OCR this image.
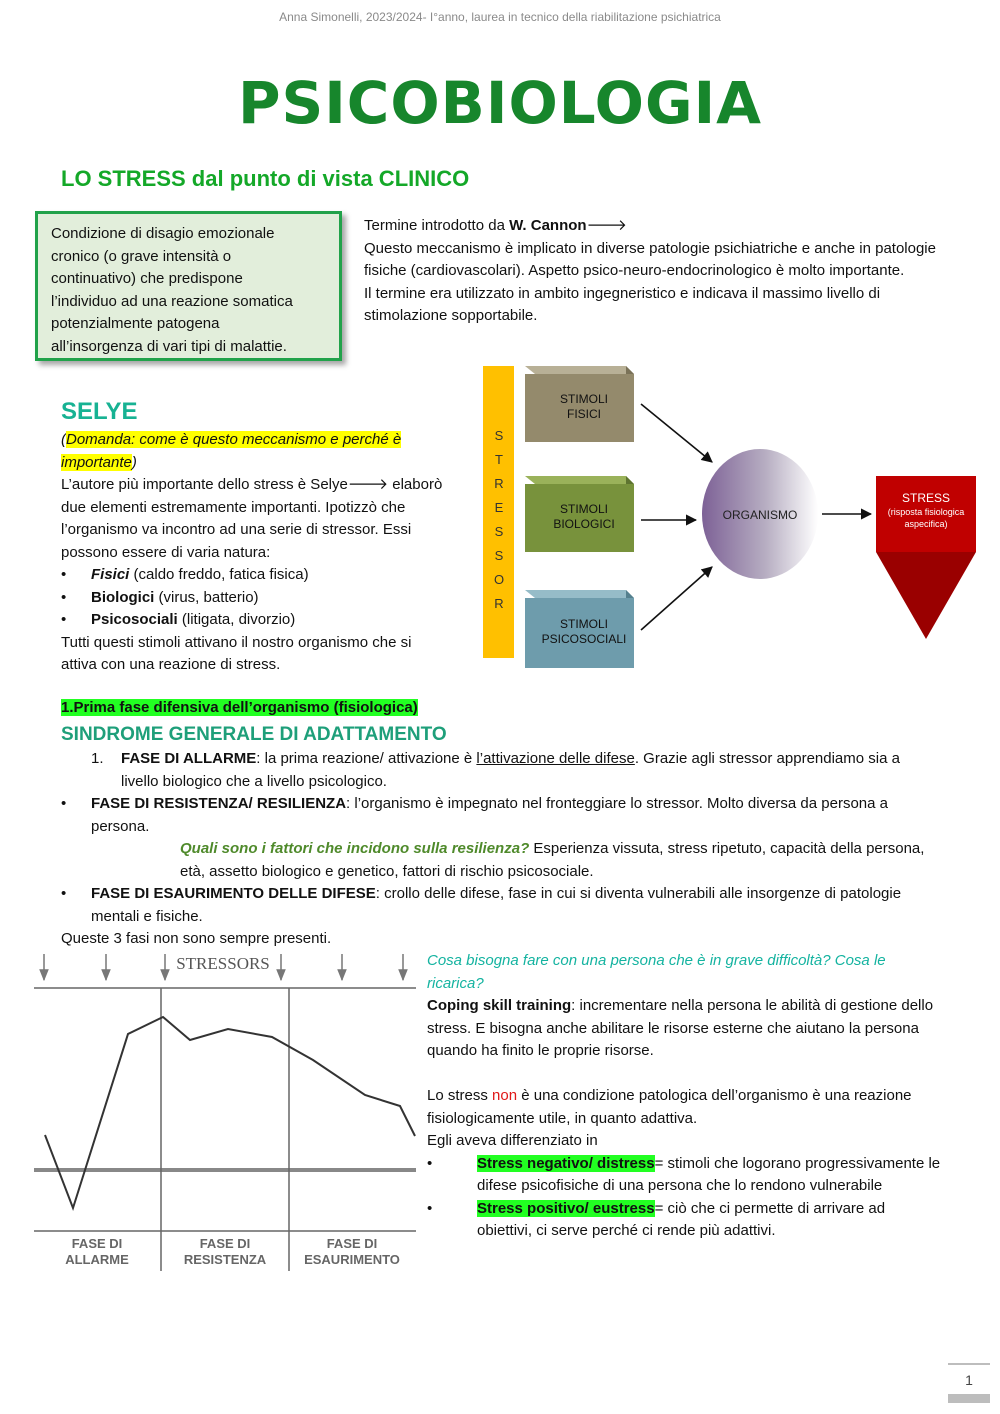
Anna Simonelli, 2023/2024- I°anno, laurea in tecnico della riabilitazione psichiatrica
PSICOBIOLOGIA
LO STRESS dal punto di vista CLINICO
Condizione di disagio emozionale
cronico (o grave intensità o
continuativo) che predispone
l’individuo ad una reazione somatica
potenzialmente patogena
all’insorgenza di vari tipi di malattie.
Termine introdotto da W. Cannon🡒
Questo meccanismo è implicato in diverse patologie psichiatriche e anche in patologie fisiche (cardiovascolari). Aspetto psico-neuro-endocrinologico è molto importante.
Il termine era utilizzato in ambito ingegneristico e indicava il massimo livello di stimolazione sopportabile.
SELYE
(Domanda: come è questo meccanismo e perché è importante)
L’autore più importante dello stress è Selye🡒 elaborò due elementi estremamente importanti. Ipotizzò che l’organismo va incontro ad una serie di stressor. Essi possono essere di varia natura:
• Fisici (caldo freddo, fatica fisica)
• Biologici (virus, batterio)
• Psicosociali (litigata, divorzio)
Tutti questi stimoli attivano il nostro organismo che si attiva con una reazione di stress.
S
T
R
E
S
S
O
R
STIMOLI
FISICI
STIMOLI
BIOLOGICI
STIMOLI
PSICOSOCIALI
ORGANISMO
STRESS
(risposta fisiologica
aspecifica)
1.Prima fase difensiva dell’organismo (fisiologica)
SINDROME GENERALE DI ADATTAMENTO
1. FASE DI ALLARME: la prima reazione/ attivazione è l’attivazione delle difese. Grazie agli stressor apprendiamo sia a livello biologico che a livello psicologico.
• FASE DI RESISTENZA/ RESILIENZA: l’organismo è impegnato nel fronteggiare lo stressor. Molto diversa da persona a persona.
Quali sono i fattori che incidono sulla resilienza? Esperienza vissuta, stress ripetuto, capacità della persona, età, assetto biologico e genetico, fattori di rischio psicosociale.
• FASE DI ESAURIMENTO DELLE DIFESE: crollo delle difese, fase in cui si diventa vulnerabili alle insorgenze di patologie mentali e fisiche.
Queste 3 fasi non sono sempre presenti.
STRESSORS
FASE DI
ALLARME
FASE DI
RESISTENZA
FASE DI
ESAURIMENTO
Cosa bisogna fare con una persona che è in grave difficoltà? Cosa le ricarica?
Coping skill training: incrementare nella persona le abilità di gestione dello stress. E bisogna anche abilitare le risorse esterne che aiutano la persona quando ha finito le proprie risorse.
Lo stress non è una condizione patologica dell’organismo è una reazione fisiologicamente utile, in quanto adattiva.
Egli aveva differenziato in
•	Stress negativo/ distress= stimoli che logorano progressivamente le difese psicofisiche di una persona che lo rendono vulnerabile
•	Stress positivo/ eustress= ciò che ci permette di arrivare ad obiettivi, ci serve perché ci rende più adattivi.
1
